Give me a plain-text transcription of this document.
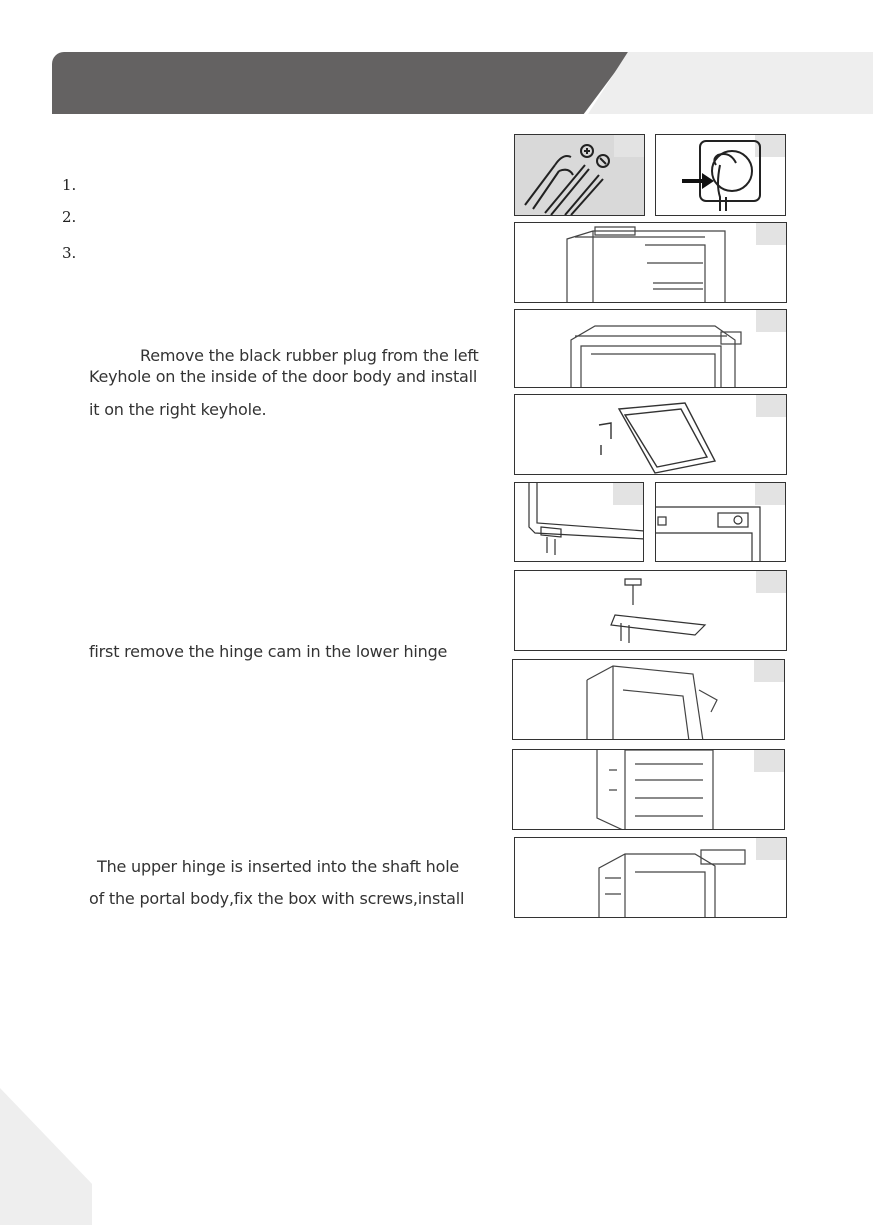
1.
2.
3.
Remove the black rubber plug from the left
Keyhole on the inside of the door body and install
it on the right keyhole.
first remove the hinge cam in the lower hinge
The upper hinge is inserted into the shaft hole
of the portal body,fix the box with screws,install
